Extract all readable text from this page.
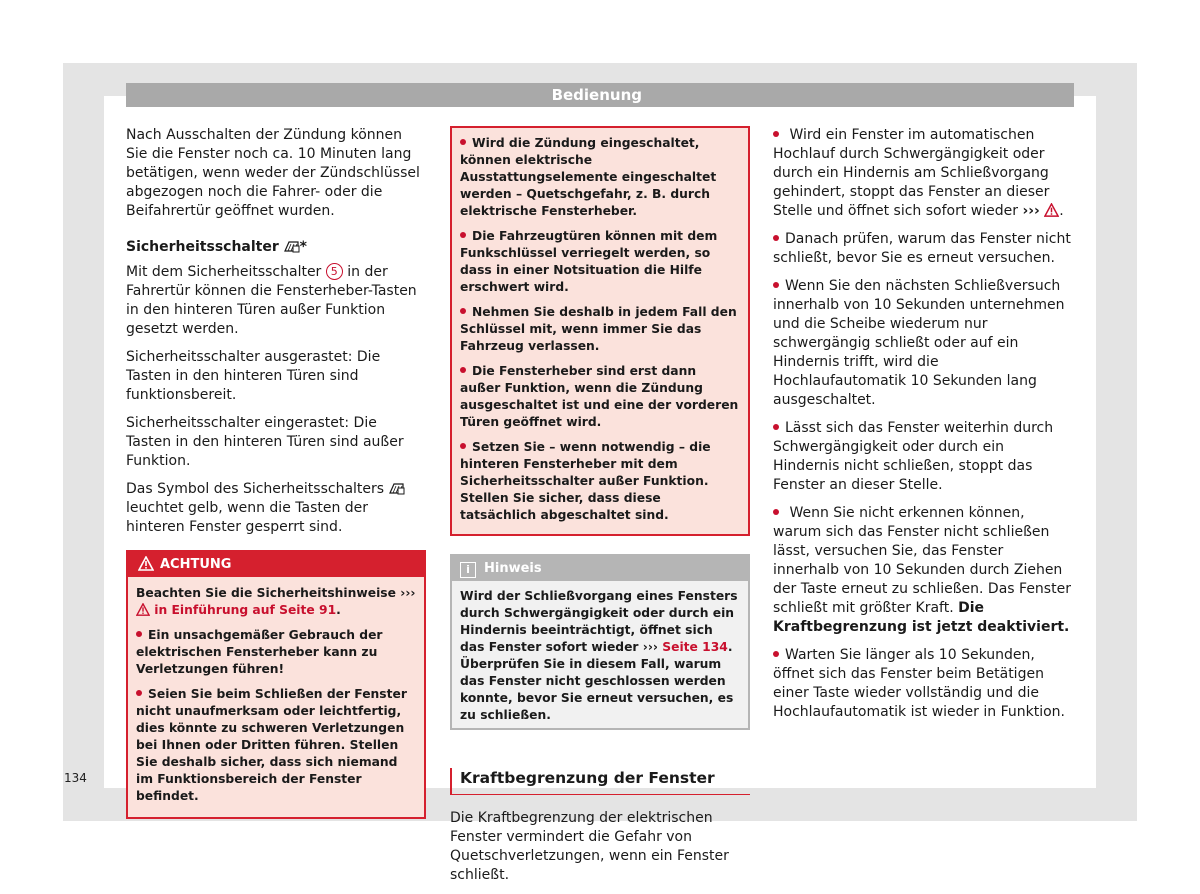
Bedienung

Nach Ausschalten der Zündung können Sie die Fenster noch ca. 10 Minuten lang betätigen, wenn weder der Zündschlüssel abgezogen noch die Fahrer- oder die Beifahrertür geöffnet wurden.

Sicherheitsschalter *

Mit dem Sicherheitsschalter 5 in der Fahrertür können die Fensterheber-Tasten in den hinteren Türen außer Funktion gesetzt werden.

Sicherheitsschalter ausgerastet: Die Tasten in den hinteren Türen sind funktionsbereit.

Sicherheitsschalter eingerastet: Die Tasten in den hinteren Türen sind außer Funktion.

Das Symbol des Sicherheitsschalters  leuchtet gelb, wenn die Tasten der hinteren Fenster gesperrt sind.

ACHTUNG

Beachten Sie die Sicherheitshinweise ›››  in Einführung auf Seite 91.

Ein unsachgemäßer Gebrauch der elektrischen Fensterheber kann zu Verletzungen führen!

Seien Sie beim Schließen der Fenster nicht unaufmerksam oder leichtfertig, dies könnte zu schweren Verletzungen bei Ihnen oder Dritten führen. Stellen Sie deshalb sicher, dass sich niemand im Funktionsbereich der Fenster befindet.

Wird die Zündung eingeschaltet, können elektrische Ausstattungselemente eingeschaltet werden – Quetschgefahr, z. B. durch elektrische Fensterheber.

Die Fahrzeugtüren können mit dem Funkschlüssel verriegelt werden, so dass in einer Notsituation die Hilfe erschwert wird.

Nehmen Sie deshalb in jedem Fall den Schlüssel mit, wenn immer Sie das Fahrzeug verlassen.

Die Fensterheber sind erst dann außer Funktion, wenn die Zündung ausgeschaltet ist und eine der vorderen Türen geöffnet wird.

Setzen Sie – wenn notwendig – die hinteren Fensterheber mit dem Sicherheitsschalter außer Funktion. Stellen Sie sicher, dass diese tatsächlich abgeschaltet sind.

i Hinweis

Wird der Schließvorgang eines Fensters durch Schwergängigkeit oder durch ein Hindernis beeinträchtigt, öffnet sich das Fenster sofort wieder ››› Seite 134. Überprüfen Sie in diesem Fall, warum das Fenster nicht geschlossen werden konnte, bevor Sie erneut versuchen, es zu schließen.

Kraftbegrenzung der Fenster

Die Kraftbegrenzung der elektrischen Fenster vermindert die Gefahr von Quetschverletzungen, wenn ein Fenster schließt.

Wird ein Fenster im automatischen Hochlauf durch Schwergängigkeit oder durch ein Hindernis am Schließvorgang gehindert, stoppt das Fenster an dieser Stelle und öffnet sich sofort wieder ››› .

Danach prüfen, warum das Fenster nicht schließt, bevor Sie es erneut versuchen.

Wenn Sie den nächsten Schließversuch innerhalb von 10 Sekunden unternehmen und die Scheibe wiederum nur schwergängig schließt oder auf ein Hindernis trifft, wird die Hochlaufautomatik 10 Sekunden lang ausgeschaltet.

Lässt sich das Fenster weiterhin durch Schwergängigkeit oder durch ein Hindernis nicht schließen, stoppt das Fenster an dieser Stelle.

Wenn Sie nicht erkennen können, warum sich das Fenster nicht schließen lässt, versuchen Sie, das Fenster innerhalb von 10 Sekunden durch Ziehen der Taste erneut zu schließen. Das Fenster schließt mit größter Kraft. Die Kraftbegrenzung ist jetzt deaktiviert.

Warten Sie länger als 10 Sekunden, öffnet sich das Fenster beim Betätigen einer Taste wieder vollständig und die Hochlaufautomatik ist wieder in Funktion.

134
